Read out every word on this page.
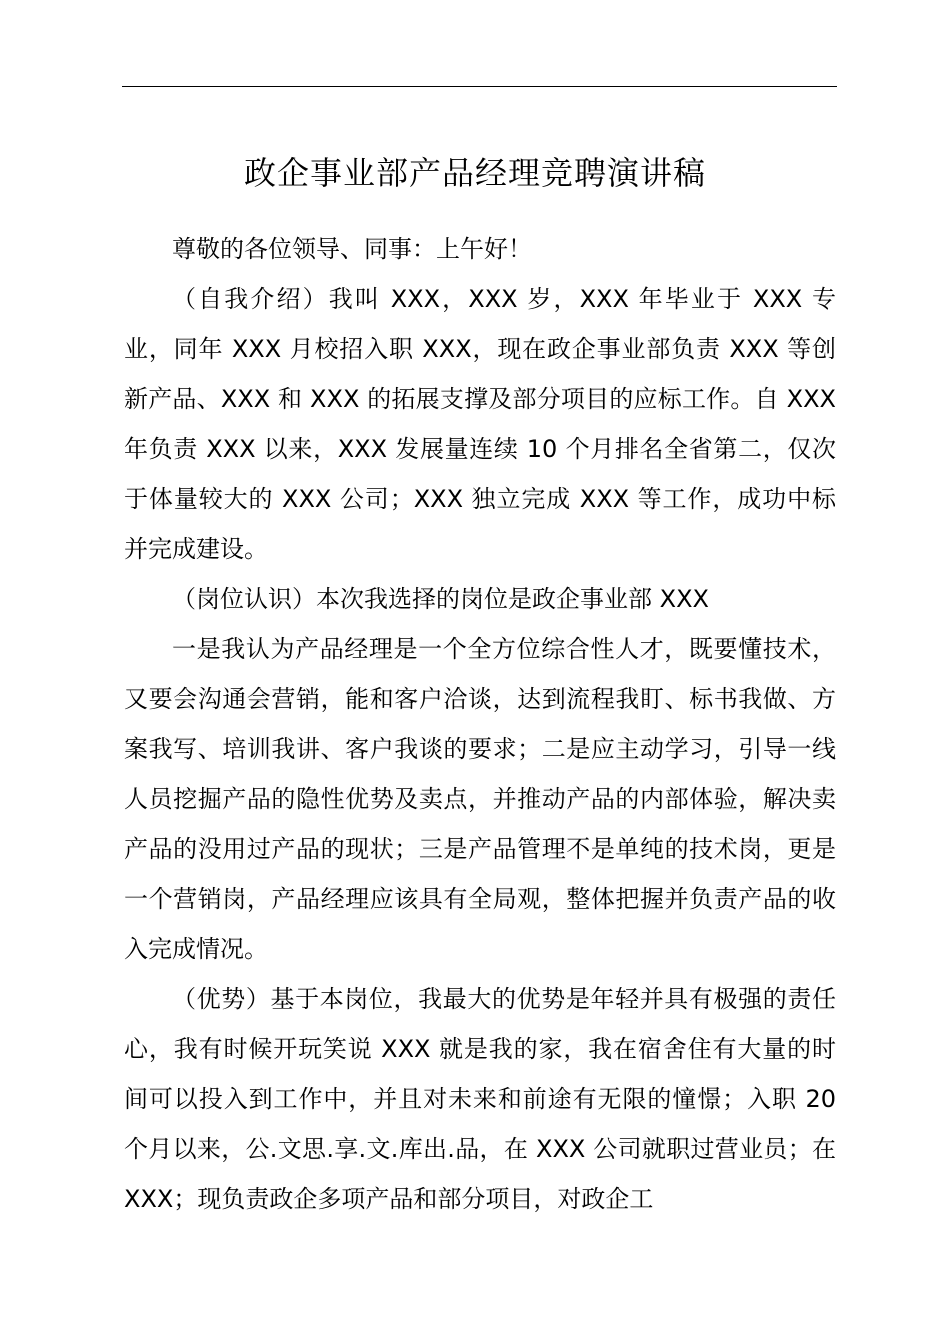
政企事业部产品经理竞聘演讲稿

尊敬的各位领导、同事：上午好！

（自我介绍）我叫 XXX，XXX 岁，XXX 年毕业于 XXX 专业，同年 XXX 月校招入职 XXX，现在政企事业部负责 XXX 等创新产品、XXX 和 XXX 的拓展支撑及部分项目的应标工作。自 XXX 年负责 XXX 以来，XXX 发展量连续 10 个月排名全省第二，仅次于体量较大的 XXX 公司；XXX 独立完成 XXX 等工作，成功中标并完成建设。

（岗位认识）本次我选择的岗位是政企事业部 XXX

一是我认为产品经理是一个全方位综合性人才，既要懂技术，又要会沟通会营销，能和客户洽谈，达到流程我盯、标书我做、方案我写、培训我讲、客户我谈的要求；二是应主动学习，引导一线人员挖掘产品的隐性优势及卖点，并推动产品的内部体验，解决卖产品的没用过产品的现状；三是产品管理不是单纯的技术岗，更是一个营销岗，产品经理应该具有全局观，整体把握并负责产品的收入完成情况。

（优势）基于本岗位，我最大的优势是年轻并具有极强的责任心，我有时候开玩笑说 XXX 就是我的家，我在宿舍住有大量的时间可以投入到工作中，并且对未来和前途有无限的憧憬；入职 20 个月以来，公.文思.享.文.库出.品，在 XXX 公司就职过营业员；在 XXX；现负责政企多项产品和部分项目，对政企工
